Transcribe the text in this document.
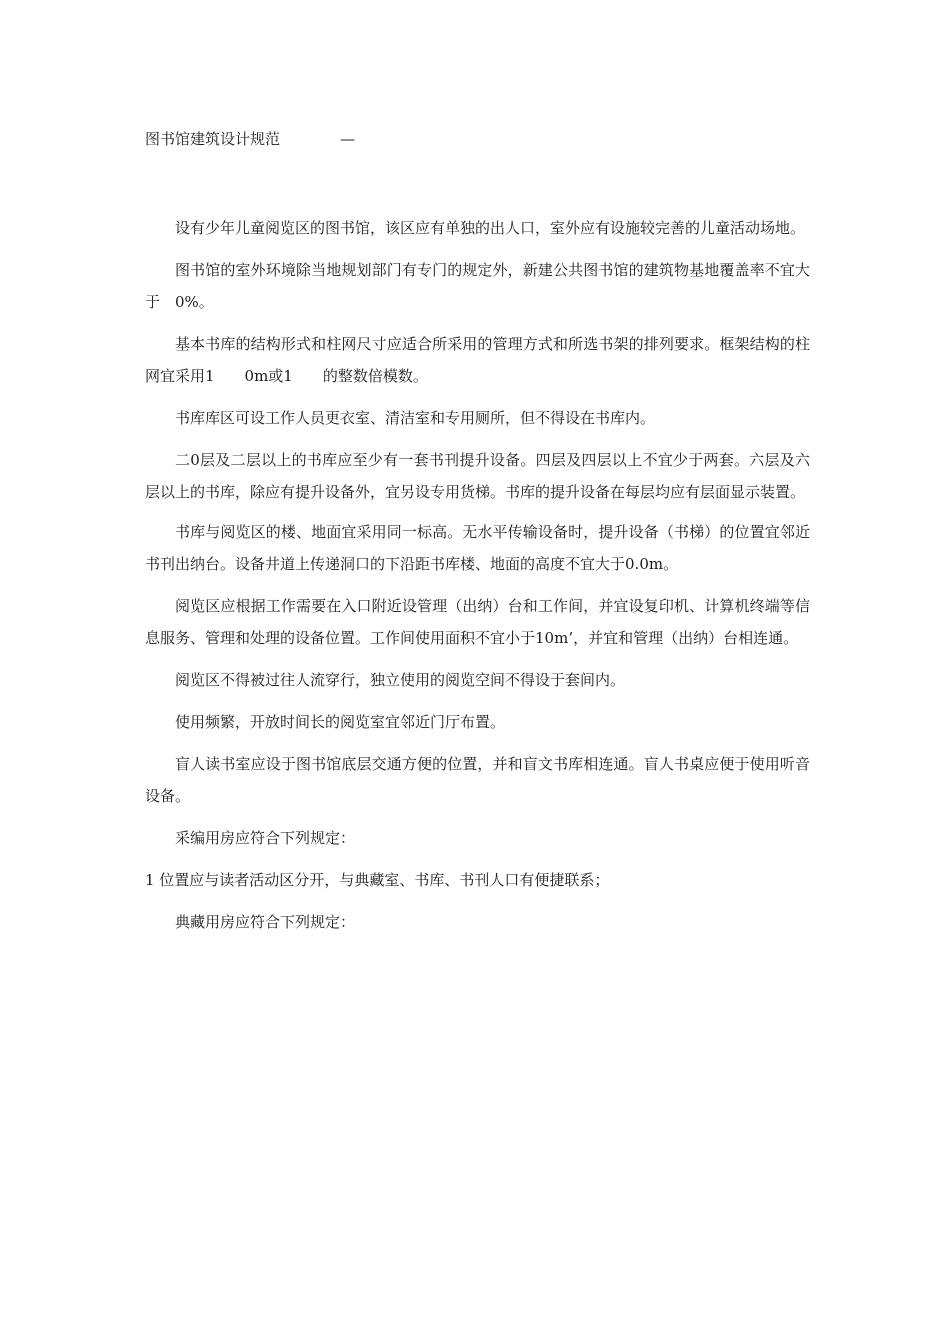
图书馆建筑设计规范	—

设有少年儿童阅览区的图书馆，该区应有单独的出人口，室外应有设施较完善的儿童活动场地。

图书馆的室外环境除当地规划部门有专门的规定外，新建公共图书馆的建筑物基地覆盖率不宜大于　0%。

基本书库的结构形式和柱网尺寸应适合所采用的管理方式和所选书架的排列要求。框架结构的柱网宜采用1　　0m或1　　的整数倍模数。

书库库区可设工作人员更衣室、清洁室和专用厕所，但不得设在书库内。

二0层及二层以上的书库应至少有一套书刊提升设备。四层及四层以上不宜少于两套。六层及六层以上的书库，除应有提升设备外，宜另设专用货梯。书库的提升设备在每层均应有层面显示装置。

书库与阅览区的楼、地面宜采用同一标高。无水平传输设备时，提升设备（书梯）的位置宜邻近书刊出纳台。设备井道上传递洞口的下沿距书库楼、地面的高度不宜大于0.0m。

阅览区应根据工作需要在入口附近设管理（出纳）台和工作间，并宜设复印机、计算机终端等信息服务、管理和处理的设备位置。工作间使用面积不宜小于10m’，并宜和管理（出纳）台相连通。

阅览区不得被过往人流穿行，独立使用的阅览空间不得设于套间内。

使用频繁，开放时间长的阅览室宜邻近门厅布置。

盲人读书室应设于图书馆底层交通方便的位置，并和盲文书库相连通。盲人书桌应便于使用听音设备。

采编用房应符合下列规定：

1 位置应与读者活动区分开，与典藏室、书库、书刊人口有便捷联系；

典藏用房应符合下列规定：
